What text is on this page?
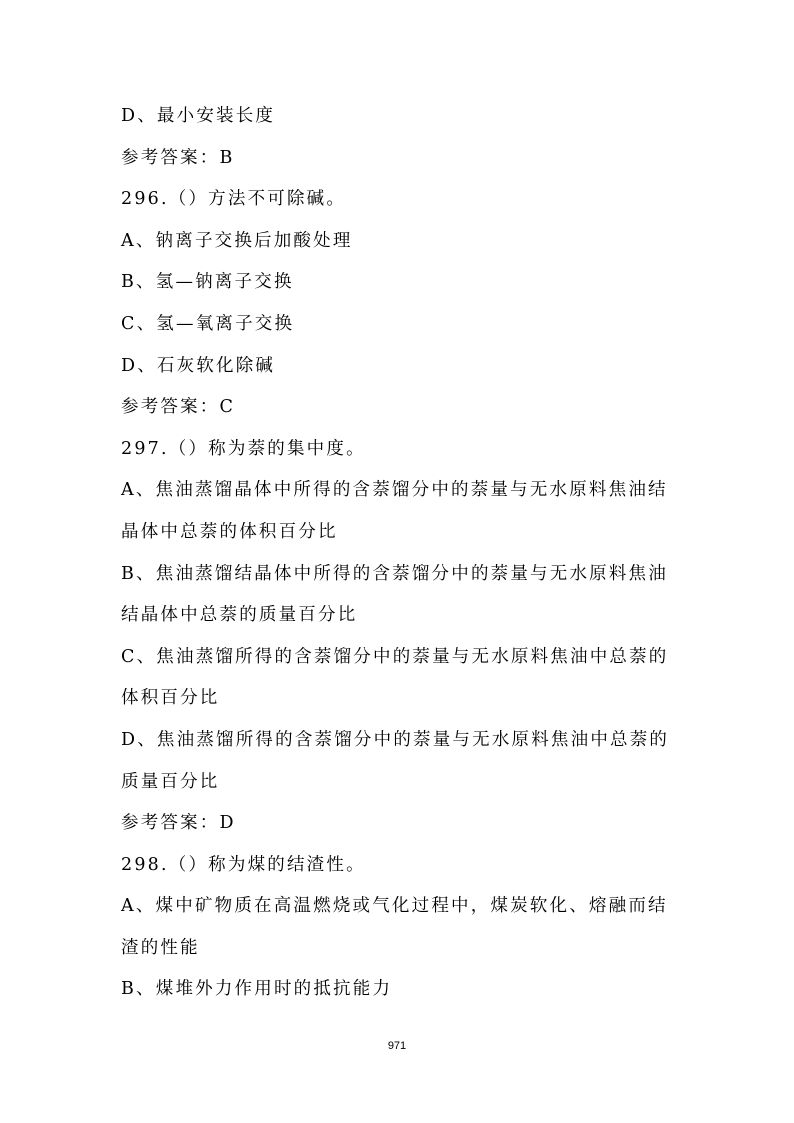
D、最小安装长度
参考答案：B
296.（）方法不可除碱。
A、钠离子交换后加酸处理
B、氢—钠离子交换
C、氢—氧离子交换
D、石灰软化除碱
参考答案：C
297.（）称为萘的集中度。
A、焦油蒸馏晶体中所得的含萘馏分中的萘量与无水原料焦油结
晶体中总萘的体积百分比
B、焦油蒸馏结晶体中所得的含萘馏分中的萘量与无水原料焦油
结晶体中总萘的质量百分比
C、焦油蒸馏所得的含萘馏分中的萘量与无水原料焦油中总萘的
体积百分比
D、焦油蒸馏所得的含萘馏分中的萘量与无水原料焦油中总萘的
质量百分比
参考答案：D
298.（）称为煤的结渣性。
A、煤中矿物质在高温燃烧或气化过程中，煤炭软化、熔融而结
渣的性能
B、煤堆外力作用时的抵抗能力
971
